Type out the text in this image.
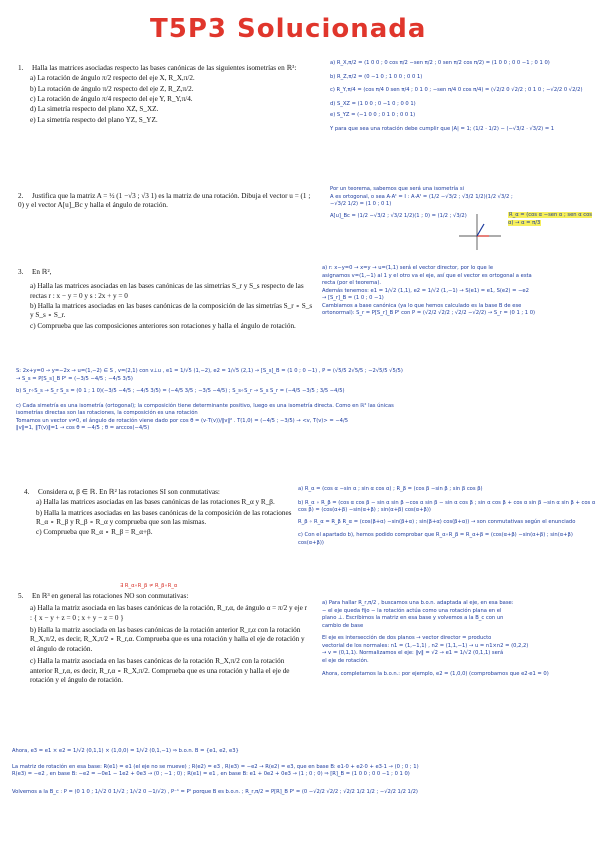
T5P3 Solucionada
1. Halla las matrices asociadas respecto las bases canónicas de las siguientes isometrías en ℝ³:
a) La rotación de ángulo π/2 respecto del eje X, R_X,π/2.
b) La rotación de ángulo π/2 respecto del eje Z, R_Z,π/2.
c) La rotación de ángulo π/4 respecto del eje Y, R_Y,π/4.
d) La simetría respecto del plano XZ, S_XZ.
e) La simetría respecto del plano YZ, S_YZ.
a) R_X,π/2 = (1 0 0 ; 0 cos π/2 −sen π/2 ; 0 sen π/2 cos π/2) = (1 0 0 ; 0 0 −1 ; 0 1 0)
b) R_Z,π/2 = (0 −1 0 ; 1 0 0 ; 0 0 1)
c) R_Y,π/4 = (cos π/4 0 sen π/4 ; 0 1 0 ; −sen π/4 0 cos π/4) = (√2/2 0 √2/2 ; 0 1 0 ; −√2/2 0 √2/2)
d) S_XZ = (1 0 0 ; 0 −1 0 ; 0 0 1)
e) S_YZ = (−1 0 0 ; 0 1 0 ; 0 0 1)
Y para que sea una rotación debe cumplir que |A| = 1; (1/2 · 1/2) − (−√3/2 · √3/2) = 1
2. Justifica que la matriz A = ½ (1 −√3 ; √3 1) es la matriz de una rotación. Dibuja el vector u = (1 ; 0) y el vector A[u]_Bc y halla el ángulo de rotación.
Por un teorema, sabemos que será una isometría si
A es ortogonal, o sea A·Aᵗ = I : A·Aᵗ = (1/2 −√3/2 ; √3/2 1/2)(1/2 √3/2 ; −√3/2 1/2) = (1 0 ; 0 1)
A[u]_Bc = (1/2 −√3/2 ; √3/2 1/2)(1 ; 0) = (1/2 ; √3/2)	R_α = (cos α −sen α ; sen α cos α) → α = π/3
3. En ℝ²,
a) Halla las matrices asociadas en las bases canónicas de las simetrías S_r y S_s respecto de las rectas r : x − y = 0 y s : 2x + y = 0
b) Halla la matrices asociadas en las bases canónicas de la composición de las simetrías S_r ∘ S_s y S_s ∘ S_r.
c) Comprueba que las composiciones anteriores son rotaciones y halla el ángulo de rotación.
a) r: x−y=0 → x=y → u=(1,1) será el vector director, por lo que le
asignamos v=(1,−1) al 1 y el otro va el eje, así que el vector es ortogonal a esta
recta (por el teorema).
Además tenemos: e1 = 1/√2 (1,1), e2 = 1/√2 (1,−1) → S(e1) = e1, S(e2) = −e2
→ [S_r]_B = (1 0 ; 0 −1)
Cambiamos a base canónica (ya lo que hemos calculado es la base B de ese
ortonormal): S_r = P[S_r]_B Pᵗ con P = (√2/2 √2/2 ; √2/2 −√2/2) → S_r = (0 1 ; 1 0)
S: 2x+y=0 → y=−2x → u=(1,−2) ∈ S , v=(2,1) con v⊥u , e1 = 1/√5 (1,−2), e2 = 1/√5 (2,1) → [S_s]_B = (1 0 ; 0 −1) , P = (√5/5 2√5/5 ; −2√5/5 √5/5)
→ S_s = P[S_s]_B Pᵗ = (−3/5 −4/5 ; −4/5 3/5)
b) S_r∘S_s → S_r S_s = (0 1 ; 1 0)(−3/5 −4/5 ; −4/5 3/5) = (−4/5 3/5 ; −3/5 −4/5) ; S_s∘S_r → S_s S_r = (−4/5 −3/5 ; 3/5 −4/5)
c) Cada simetría es una isometría (ortogonal); la composición tiene determinante positivo, luego es una isometría directa. Como en ℝ² las únicas
isometrías directas son las rotaciones, la composición es una rotación
Tomamos un vector v≠0, el ángulo de rotación viene dado por cos θ = (v·T(v))/‖v‖² . T(1,0) = (−4/5 ; −3/5) → <v, T(v)> = −4/5
‖v‖=1, ‖T(v)‖=1 → cos θ = −4/5 ; θ = arccos(−4/5)
4. Considera α, β ∈ ℝ. En ℝ² las rotaciones SI son conmutativas:
a) Halla las matrices asociadas en las bases canónicas de las rotaciones R_α y R_β.
b) Halla la matrices asociadas en las bases canónicas de la composición de las rotaciones R_α ∘ R_β y R_β ∘ R_α y comprueba que son las mismas.
c) Comprueba que R_α ∘ R_β = R_α+β.
a) R_α = (cos α −sin α ; sin α cos α) ; R_β = (cos β −sin β ; sin β cos β)
b) R_α ∘ R_β = (cos α cos β − sin α sin β −cos α sin β − sin α cos β ; sin α cos β + cos α sin β −sin α sin β + cos α cos β) = (cos(α+β) −sin(α+β) ; sin(α+β) cos(α+β))
R_β ∘ R_α = R_β R_α = (cos(β+α) −sin(β+α) ; sin(β+α) cos(β+α)) → son conmutativas según el enunciado
c) Con el apartado b), hemos podido comprobar que R_α∘R_β = R_α+β = (cos(α+β) −sin(α+β) ; sin(α+β) cos(α+β))
∃ R_α∘R_β ≠ R_β∘R_α
5. En ℝ³ en general las rotaciones NO son conmutativas:
a) Halla la matriz asociada en las bases canónicas de la rotación, R_r,α, de ángulo α = π/2 y eje r : { x − y + z = 0 ; x + y − z = 0 }
b) Halla la matriz asociada en las bases canónicas de la rotación anterior R_r,α con la rotación R_X,π/2, es decir, R_X,π/2 ∘ R_r,α. Comprueba que es una rotación y halla el eje de rotación y el ángulo de rotación.
c) Halla la matriz asociada en las bases canónicas de la rotación R_X,π/2 con la rotación anterior R_r,α, es decir, R_r,α ∘ R_X,π/2. Comprueba que es una rotación y halla el eje de rotación y el ángulo de rotación.
a) Para hallar R_r,π/2 , buscamos una b.o.n. adaptada al eje, en esa base:
− el eje queda fijo − la rotación actúa como una rotación plana en el
plano ⊥. Escribimos la matriz en esa base y volvemos a la B_c con un
cambio de base
El eje es intersección de dos planos → vector director = producto
vectorial de los normales: n1 = (1,−1,1) , n2 = (1,1,−1) → u = n1×n2 = (0,2,2)
→ v = (0,1,1). Normalizamos el eje: ‖v‖ = √2 → e1 = 1/√2 (0,1,1) será
el eje de rotación.
Ahora, completamos la b.o.n.: por ejemplo, e2 = (1,0,0) (comprobamos que e2·e1 = 0)
Ahora, e3 = e1 × e2 = 1/√2 (0,1,1) × (1,0,0) = 1/√2 (0,1,−1) ⇒ b.o.n. B = {e1, e2, e3}
La matriz de rotación en esa base: R(e1) = e1 (el eje no se mueve) ; R(e2) = e3 , R(e3) = −e2 → R(e2) = e3, que en base B: e1·0 + e2·0 + e3·1 → (0 ; 0 ; 1)
R(e3) = −e2 , en base B: −e2 = −0e1 − 1e2 + 0e3 → (0 ; −1 ; 0) ; R(e1) = e1 , en base B: e1 + 0e2 + 0e3 → (1 ; 0 ; 0) ⇒ [R]_B = (1 0 0 ; 0 0 −1 ; 0 1 0)
Volvemos a la B_c : P = (0 1 0 ; 1/√2 0 1/√2 ; 1/√2 0 −1/√2) , P⁻¹ = Pᵗ porque B es b.o.n. ; R_r,π/2 = P[R]_B Pᵗ = (0 −√2/2 √2/2 ; √2/2 1/2 1/2 ; −√2/2 1/2 1/2)
